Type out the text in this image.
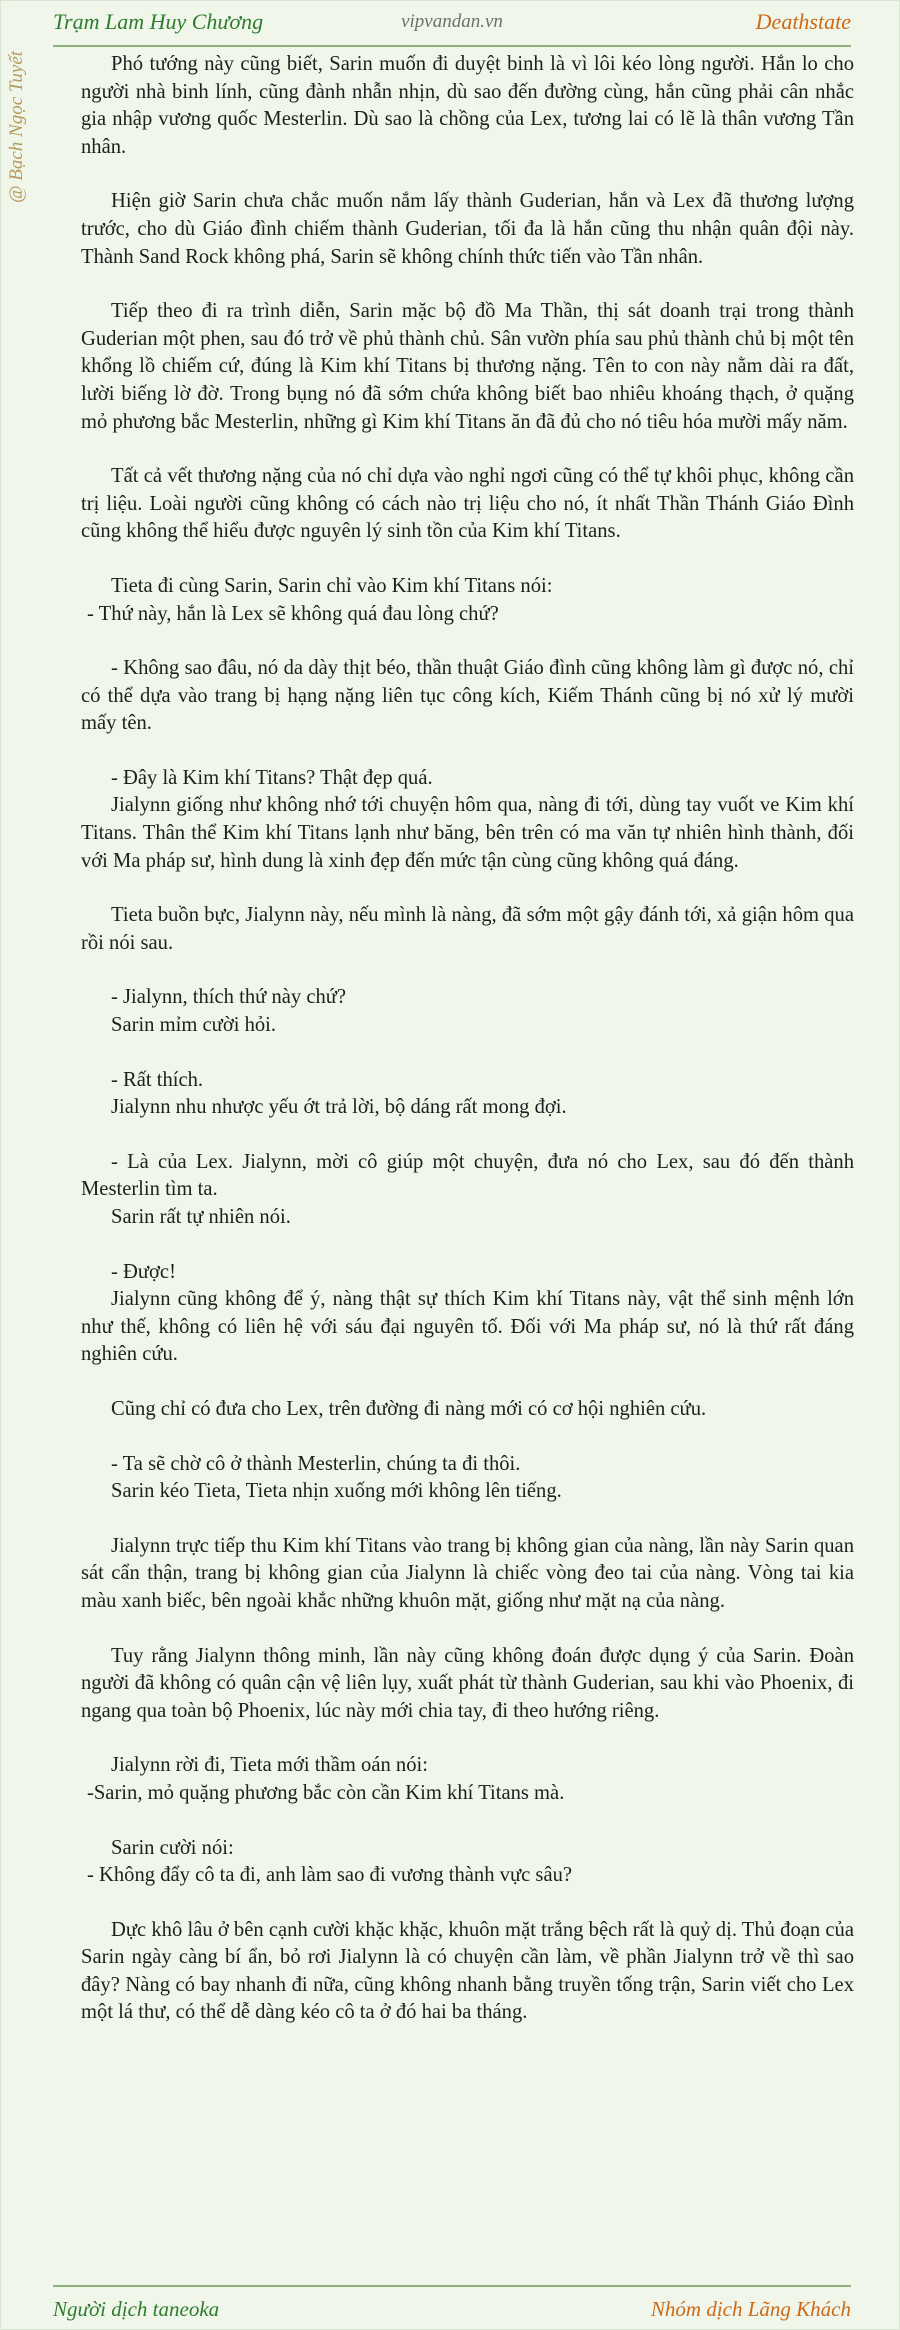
Trạm Lam Huy Chương	vipvandan.vn	Deathstate
@ Bạch Ngọc Tuyết	Phó tướng này cũng biết, Sarin muốn đi duyệt binh là vì lôi kéo lòng người. Hắn lo cho người nhà binh lính, cũng đành nhẫn nhịn, dù sao đến đường cùng, hắn cũng phải cân nhắc gia nhập vương quốc Mesterlin. Dù sao là chồng của Lex, tương lai có lẽ là thân vương Tần nhân.

Hiện giờ Sarin chưa chắc muốn nắm lấy thành Guderian, hắn và Lex đã thương lượng trước, cho dù Giáo đình chiếm thành Guderian, tối đa là hắn cũng thu nhận quân đội này. Thành Sand Rock không phá, Sarin sẽ không chính thức tiến vào Tần nhân.

Tiếp theo đi ra trình diễn, Sarin mặc bộ đồ Ma Thần, thị sát doanh trại trong thành Guderian một phen, sau đó trở về phủ thành chủ. Sân vườn phía sau phủ thành chủ bị một tên khổng lồ chiếm cứ, đúng là Kim khí Titans bị thương nặng. Tên to con này nằm dài ra đất, lười biếng lờ đờ. Trong bụng nó đã sớm chứa không biết bao nhiêu khoáng thạch, ở quặng mỏ phương bắc Mesterlin, những gì Kim khí Titans ăn đã đủ cho nó tiêu hóa mười mấy năm.

Tất cả vết thương nặng của nó chỉ dựa vào nghỉ ngơi cũng có thể tự khôi phục, không cần trị liệu. Loài người cũng không có cách nào trị liệu cho nó, ít nhất Thần Thánh Giáo Đình cũng không thể hiểu được nguyên lý sinh tồn của Kim khí Titans.

Tieta đi cùng Sarin, Sarin chỉ vào Kim khí Titans nói:

- Thứ này, hắn là Lex sẽ không quá đau lòng chứ?

- Không sao đâu, nó da dày thịt béo, thần thuật Giáo đình cũng không làm gì được nó, chỉ có thể dựa vào trang bị hạng nặng liên tục công kích, Kiếm Thánh cũng bị nó xử lý mười mấy tên.

- Đây là Kim khí Titans? Thật đẹp quá.

Jialynn giống như không nhớ tới chuyện hôm qua, nàng đi tới, dùng tay vuốt ve Kim khí Titans. Thân thể Kim khí Titans lạnh như băng, bên trên có ma văn tự nhiên hình thành, đối với Ma pháp sư, hình dung là xinh đẹp đến mức tận cùng cũng không quá đáng.

Tieta buồn bực, Jialynn này, nếu mình là nàng, đã sớm một gậy đánh tới, xả giận hôm qua rồi nói sau.

- Jialynn, thích thứ này chứ?

Sarin mỉm cười hỏi.

- Rất thích.

Jialynn nhu nhược yếu ớt trả lời, bộ dáng rất mong đợi.

- Là của Lex. Jialynn, mời cô giúp một chuyện, đưa nó cho Lex, sau đó đến thành Mesterlin tìm ta.

Sarin rất tự nhiên nói.

- Được!

Jialynn cũng không để ý, nàng thật sự thích Kim khí Titans này, vật thể sinh mệnh lớn như thế, không có liên hệ với sáu đại nguyên tố. Đối với Ma pháp sư, nó là thứ rất đáng nghiên cứu.

Cũng chỉ có đưa cho Lex, trên đường đi nàng mới có cơ hội nghiên cứu.

- Ta sẽ chờ cô ở thành Mesterlin, chúng ta đi thôi.

Sarin kéo Tieta, Tieta nhịn xuống mới không lên tiếng.

Jialynn trực tiếp thu Kim khí Titans vào trang bị không gian của nàng, lần này Sarin quan sát cẩn thận, trang bị không gian của Jialynn là chiếc vòng đeo tai của nàng. Vòng tai kia màu xanh biếc, bên ngoài khắc những khuôn mặt, giống như mặt nạ của nàng.

Tuy rằng Jialynn thông minh, lần này cũng không đoán được dụng ý của Sarin. Đoàn người đã không có quân cận vệ liên lụy, xuất phát từ thành Guderian, sau khi vào Phoenix, đi ngang qua toàn bộ Phoenix, lúc này mới chia tay, đi theo hướng riêng.

Jialynn rời đi, Tieta mới thầm oán nói:

-Sarin, mỏ quặng phương bắc còn cần Kim khí Titans mà.

Sarin cười nói:

- Không đẩy cô ta đi, anh làm sao đi vương thành vực sâu?

Dực khô lâu ở bên cạnh cười khặc khặc, khuôn mặt trắng bệch rất là quỷ dị. Thủ đoạn của Sarin ngày càng bí ẩn, bỏ rơi Jialynn là có chuyện cần làm, về phần Jialynn trở về thì sao đây? Nàng có bay nhanh đi nữa, cũng không nhanh bằng truyền tống trận, Sarin viết cho Lex một lá thư, có thể dễ dàng kéo cô ta ở đó hai ba tháng.

Người dịch taneoka	Nhóm dịch Lãng Khách
